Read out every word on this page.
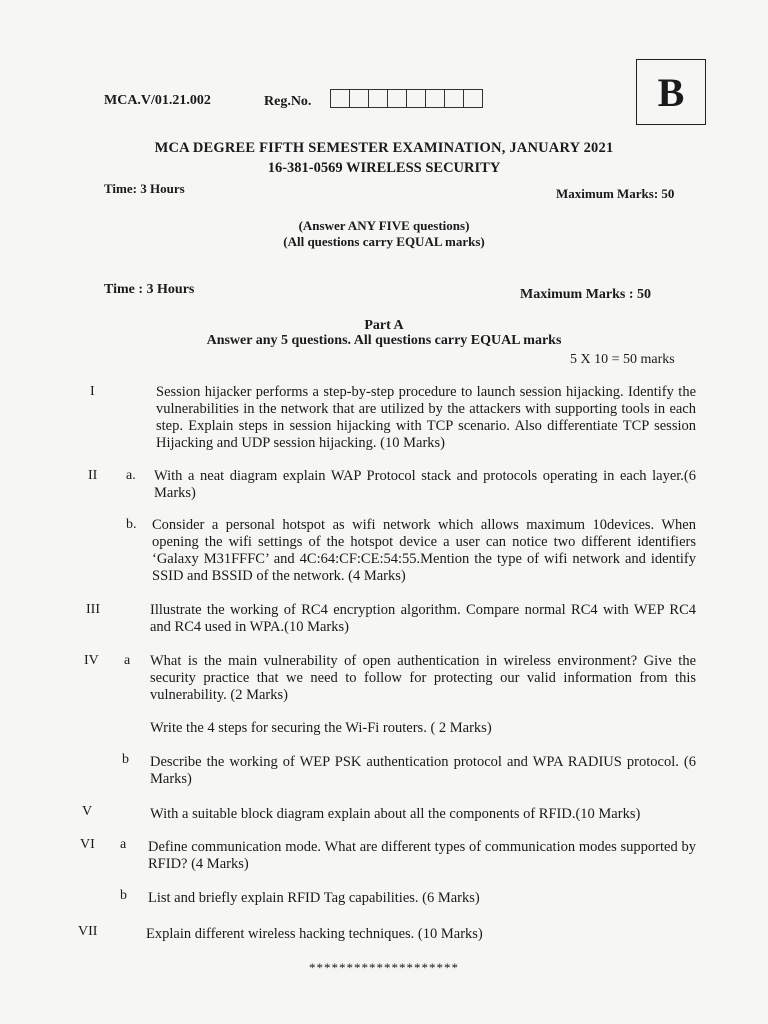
MCA.V/01.21.002	Reg.No.	B
MCA DEGREE FIFTH SEMESTER EXAMINATION, JANUARY 2021
16-381-0569 WIRELESS SECURITY
Time: 3 Hours	Maximum Marks: 50
(Answer ANY FIVE questions)
(All questions carry EQUAL marks)
Time : 3 Hours	Maximum Marks : 50
Part A
Answer any 5 questions. All questions carry EQUAL marks
5 X 10 = 50 marks
I	Session hijacker performs a step-by-step procedure to launch session hijacking. Identify the vulnerabilities in the network that are utilized by the attackers with supporting tools in each step. Explain steps in session hijacking with TCP scenario. Also differentiate TCP session Hijacking and UDP session hijacking. (10 Marks)
II a. With a neat diagram explain WAP Protocol stack and protocols operating in each layer.(6 Marks)
b. Consider a personal hotspot as wifi network which allows maximum 10devices. When opening the wifi settings of the hotspot device a user can notice two different identifiers ‘Galaxy M31FFFC’ and 4C:64:CF:CE:54:55.Mention the type of wifi network and identify SSID and BSSID of the network. (4 Marks)
III	Illustrate the working of RC4 encryption algorithm. Compare normal RC4 with WEP RC4 and RC4 used in WPA.(10 Marks)
IV a What is the main vulnerability of open authentication in wireless environment? Give the security practice that we need to follow for protecting our valid information from this vulnerability. (2 Marks)
Write the 4 steps for securing the Wi-Fi routers. ( 2 Marks)
b Describe the working of WEP PSK authentication protocol and WPA RADIUS protocol. (6 Marks)
V	With a suitable block diagram explain about all the components of RFID.(10 Marks)
VI a Define communication mode. What are different types of communication modes supported by RFID? (4 Marks)
b List and briefly explain RFID Tag capabilities. (6 Marks)
VII	Explain different wireless hacking techniques. (10 Marks)
********************
